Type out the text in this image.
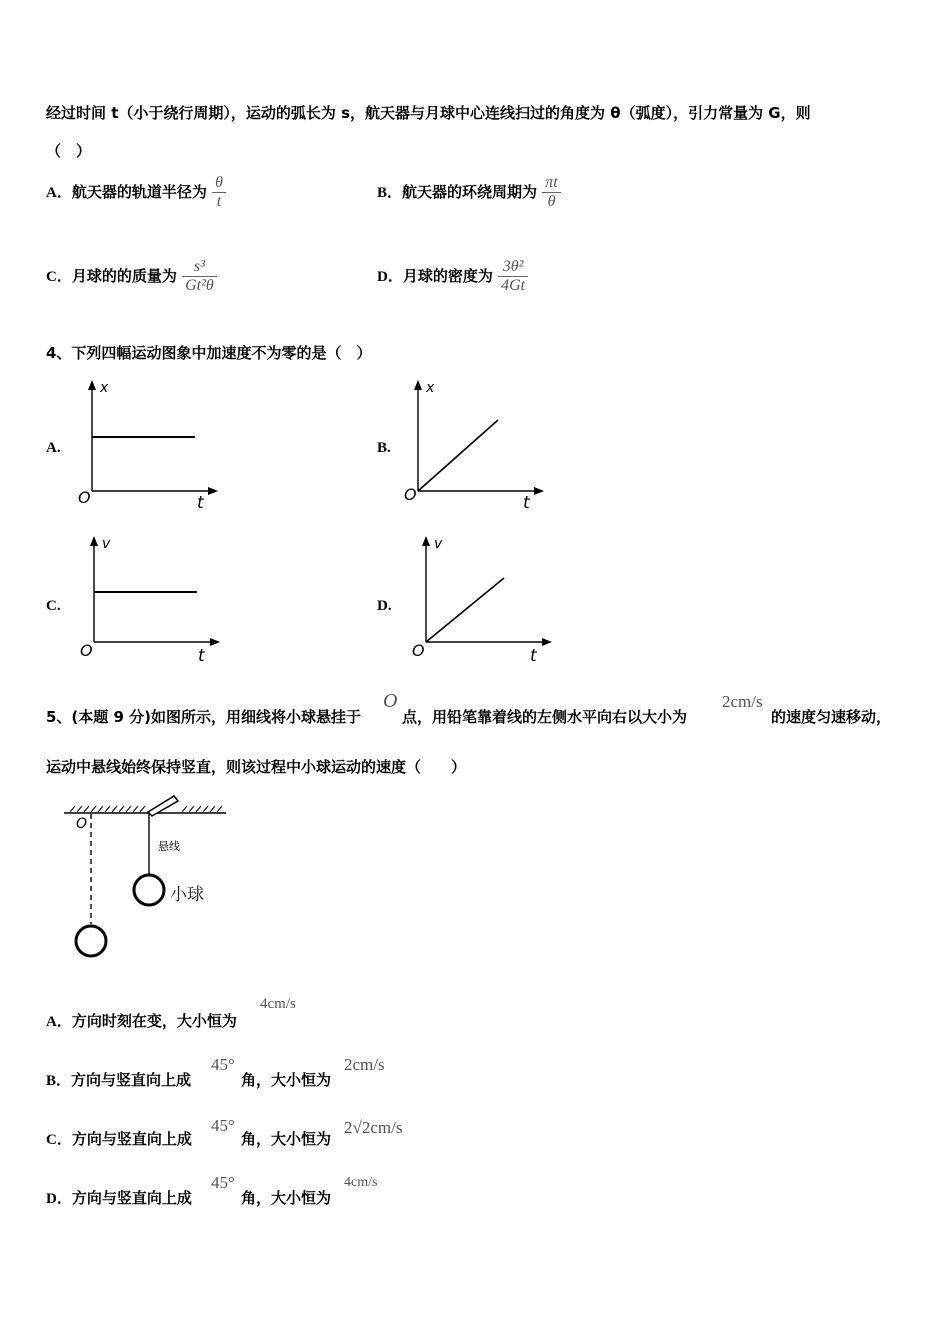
经过时间 t（小于绕行周期），运动的弧长为 s，航天器与月球中心连线扫过的角度为 θ（弧度），引力常量为 G，则
（　）
A．航天器的轨道半径为 $\frac{\theta}{t}$	B．航天器的环绕周期为 $\frac{\pi t}{\theta}$
C．月球的的质量为 $\frac{\text{s³}}{\text{Gt²θ}}$	D．月球的密度为 $\frac{\text{3θ²}}{4Gt}$
4、下列四幅运动图象中加速度不为零的是（　）
A.
x
t
O
B.
x
t
O
C.
v
t
O
D.
v
t
O
5、(本题 9 分)如图所示，用细线将小球悬挂于
O
点，用铅笔靠着线的左侧水平向右以大小为
2cm/s
的速度匀速移动，
运动中悬线始终保持竖直，则该过程中小球运动的速度（　　）
O
悬线
小球
A．方向时刻在变，大小恒为
4cm/s
B．方向与竖直向上成
45°
角，大小恒为
2cm/s
C．方向与竖直向上成
45°
角，大小恒为
2√2cm/s
D．方向与竖直向上成
45°
角，大小恒为
4cm/s
